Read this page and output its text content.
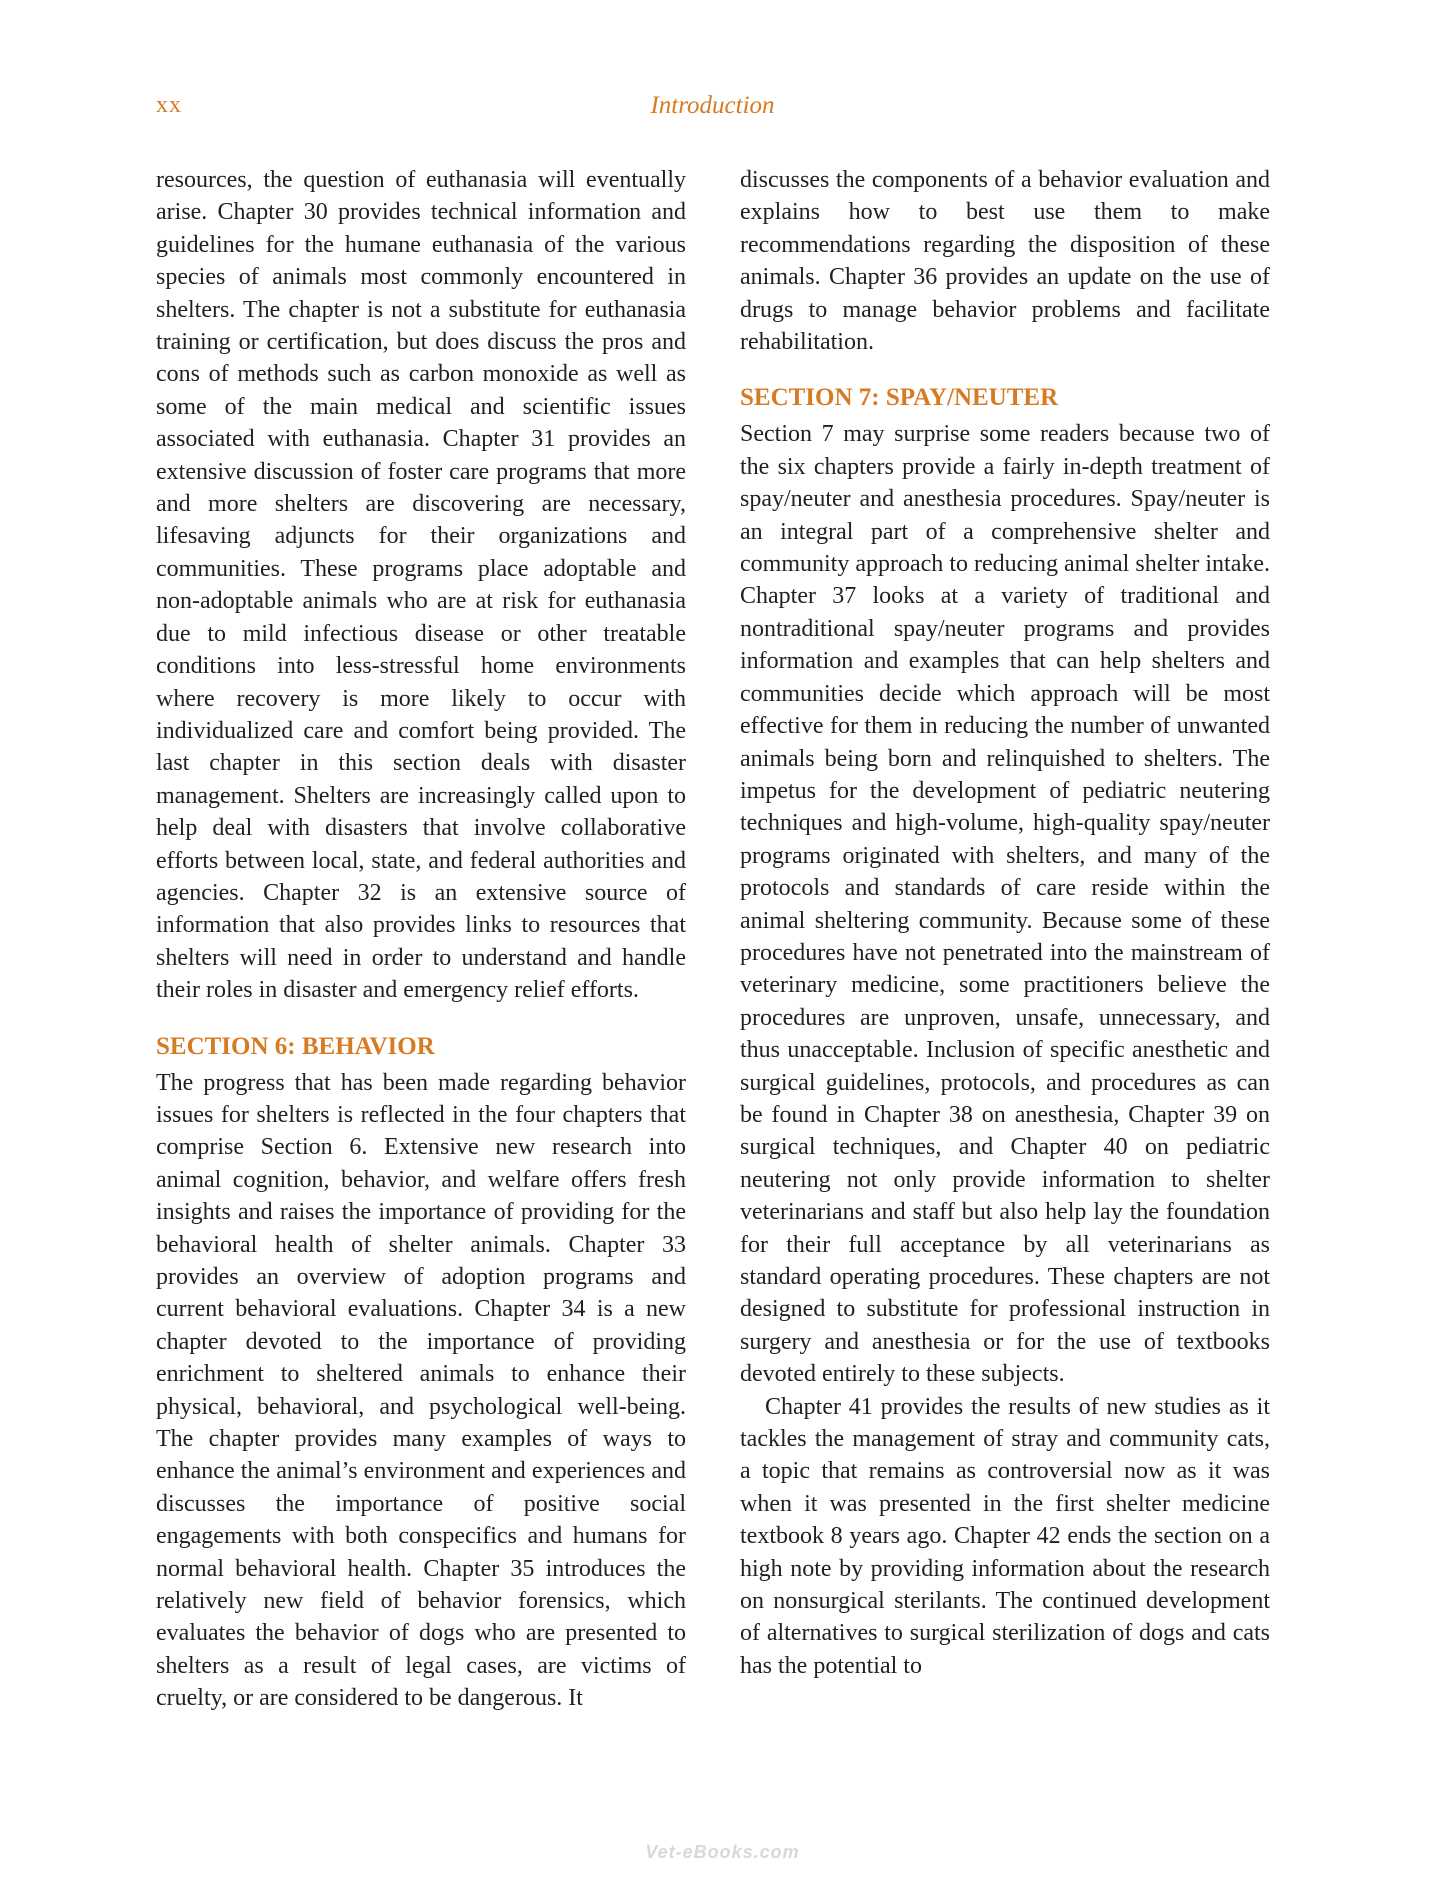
xx	Introduction

resources, the question of euthanasia will eventually arise. Chapter 30 provides technical information and guidelines for the humane euthanasia of the various species of animals most commonly encountered in shelters. The chapter is not a substitute for euthanasia training or certification, but does discuss the pros and cons of methods such as carbon monoxide as well as some of the main medical and scientific issues associated with euthanasia. Chapter 31 provides an extensive discussion of foster care programs that more and more shelters are discovering are necessary, lifesaving adjuncts for their organizations and communities. These programs place adoptable and non-adoptable animals who are at risk for euthanasia due to mild infectious disease or other treatable conditions into less-stressful home environments where recovery is more likely to occur with individualized care and comfort being provided. The last chapter in this section deals with disaster management. Shelters are increasingly called upon to help deal with disasters that involve collaborative efforts between local, state, and federal authorities and agencies. Chapter 32 is an extensive source of information that also provides links to resources that shelters will need in order to understand and handle their roles in disaster and emergency relief efforts.

SECTION 6: BEHAVIOR

The progress that has been made regarding behavior issues for shelters is reflected in the four chapters that comprise Section 6. Extensive new research into animal cognition, behavior, and welfare offers fresh insights and raises the importance of providing for the behavioral health of shelter animals. Chapter 33 provides an overview of adoption programs and current behavioral evaluations. Chapter 34 is a new chapter devoted to the importance of providing enrichment to sheltered animals to enhance their physical, behavioral, and psychological well-being. The chapter provides many examples of ways to enhance the animal’s environment and experiences and discusses the importance of positive social engagements with both conspecifics and humans for normal behavioral health. Chapter 35 introduces the relatively new field of behavior forensics, which evaluates the behavior of dogs who are presented to shelters as a result of legal cases, are victims of cruelty, or are considered to be dangerous. It

discusses the components of a behavior evaluation and explains how to best use them to make recommendations regarding the disposition of these animals. Chapter 36 provides an update on the use of drugs to manage behavior problems and facilitate rehabilitation.

SECTION 7: SPAY/NEUTER

Section 7 may surprise some readers because two of the six chapters provide a fairly in-depth treatment of spay/neuter and anesthesia procedures. Spay/neuter is an integral part of a comprehensive shelter and community approach to reducing animal shelter intake. Chapter 37 looks at a variety of traditional and nontraditional spay/neuter programs and provides information and examples that can help shelters and communities decide which approach will be most effective for them in reducing the number of unwanted animals being born and relinquished to shelters. The impetus for the development of pediatric neutering techniques and high-volume, high-quality spay/neuter programs originated with shelters, and many of the protocols and standards of care reside within the animal sheltering community. Because some of these procedures have not penetrated into the mainstream of veterinary medicine, some practitioners believe the procedures are unproven, unsafe, unnecessary, and thus unacceptable. Inclusion of specific anesthetic and surgical guidelines, protocols, and procedures as can be found in Chapter 38 on anesthesia, Chapter 39 on surgical techniques, and Chapter 40 on pediatric neutering not only provide information to shelter veterinarians and staff but also help lay the foundation for their full acceptance by all veterinarians as standard operating procedures. These chapters are not designed to substitute for professional instruction in surgery and anesthesia or for the use of textbooks devoted entirely to these subjects.

Chapter 41 provides the results of new studies as it tackles the management of stray and community cats, a topic that remains as controversial now as it was when it was presented in the first shelter medicine textbook 8 years ago. Chapter 42 ends the section on a high note by providing information about the research on nonsurgical sterilants. The continued development of alternatives to surgical sterilization of dogs and cats has the potential to

Vet-eBooks.com
